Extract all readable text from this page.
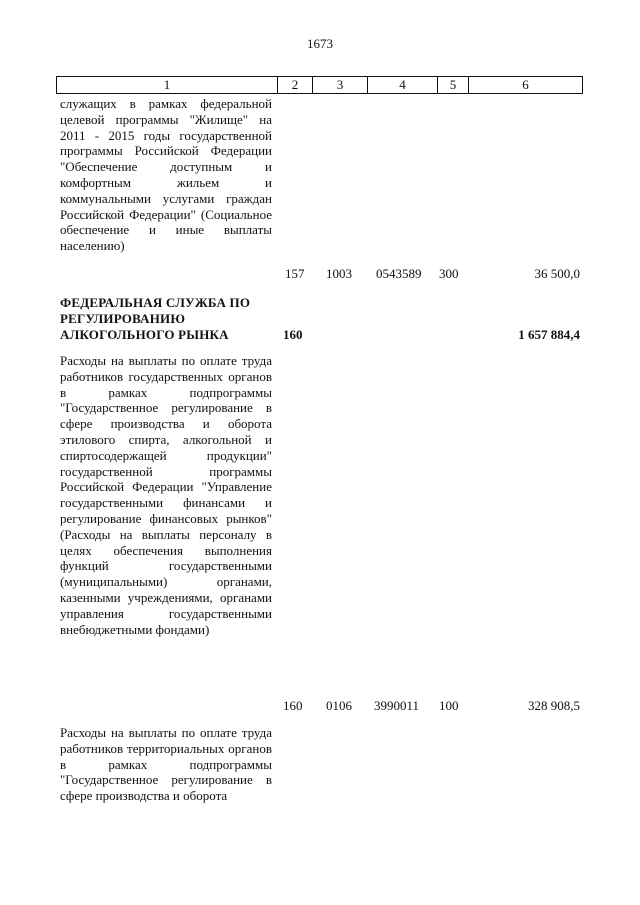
1673
1	2	3	4	5	6
служащих в рамках федеральной целевой программы "Жилище" на 2011 - 2015 годы государственной программы Российской Федерации "Обеспечение доступным и комфортным жильем и коммунальными услугами граждан Российской Федерации" (Социальное обеспечение и иные выплаты населению)
157 1003 0543589 300	36 500,0
ФЕДЕРАЛЬНАЯ СЛУЖБА ПО РЕГУЛИРОВАНИЮ АЛКОГОЛЬНОГО РЫНКА	160	1 657 884,4
Расходы на выплаты по оплате труда работников государственных органов в рамках подпрограммы "Государственное регулирование в сфере производства и оборота этилового спирта, алкогольной и спиртосодержащей продукции" государственной программы Российской Федерации "Управление государственными финансами и регулирование финансовых рынков" (Расходы на выплаты персоналу в целях обеспечения выполнения функций государственными (муниципальными) органами, казенными учреждениями, органами управления государственными внебюджетными фондами)
160 0106 3990011 100	328 908,5
Расходы на выплаты по оплате труда работников территориальных органов в рамках подпрограммы "Государственное регулирование в сфере производства и оборота
